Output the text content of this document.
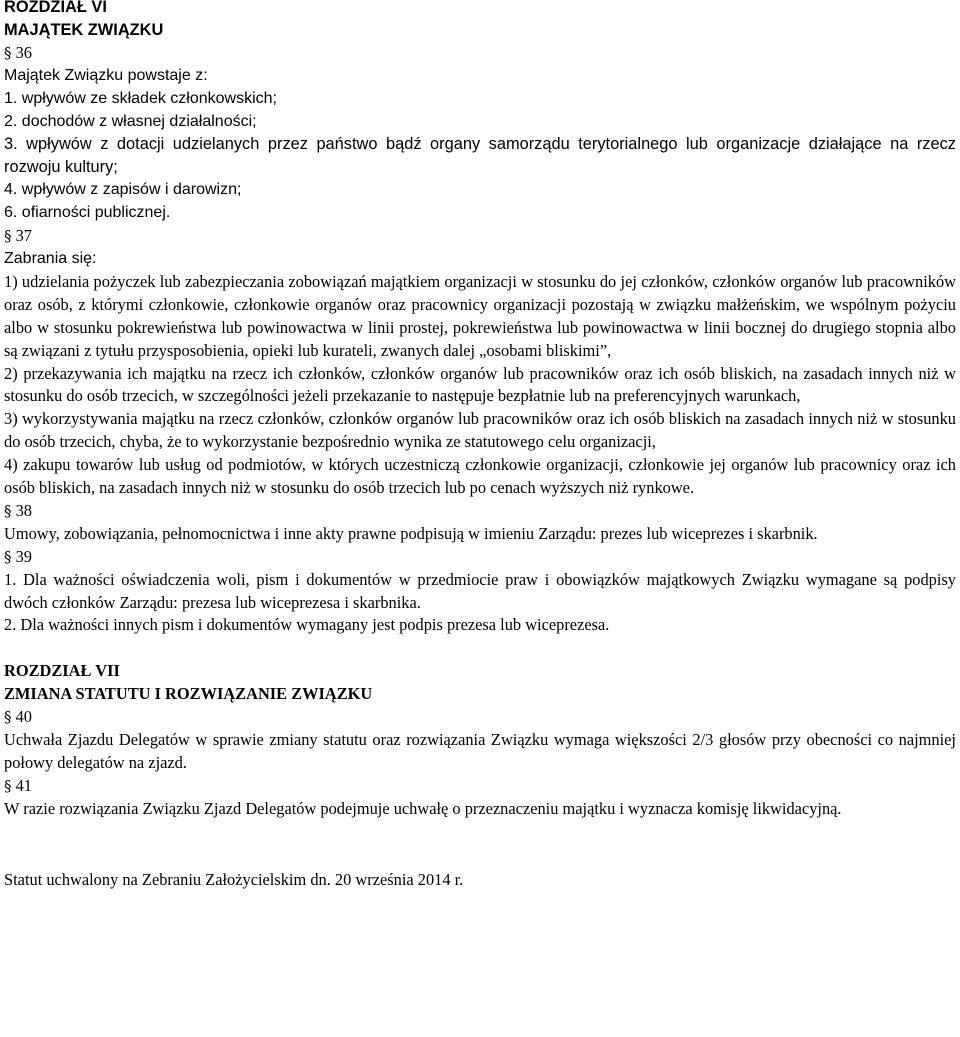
ROZDZIAŁ VI
MAJĄTEK ZWIĄZKU
§ 36
Majątek Związku powstaje z:
1. wpływów ze składek członkowskich;
2. dochodów z własnej działalności;
3. wpływów z dotacji udzielanych przez państwo bądź organy samorządu terytorialnego lub organizacje działające na rzecz rozwoju kultury;
4. wpływów z zapisów i darowizn;
6. ofiarności publicznej.
§ 37
Zabrania się:
1) udzielania pożyczek lub zabezpieczania zobowiązań majątkiem organizacji w stosunku do jej członków, członków organów lub pracowników oraz osób, z którymi członkowie, członkowie organów oraz pracownicy organizacji pozostają w związku małżeńskim, we wspólnym pożyciu albo w stosunku pokrewieństwa lub powinowactwa w linii prostej, pokrewieństwa lub powinowactwa w linii bocznej do drugiego stopnia albo są związani z tytułu przysposobienia, opieki lub kurateli, zwanych dalej „osobami bliskimi”,
2) przekazywania ich majątku na rzecz ich członków, członków organów lub pracowników oraz ich osób bliskich, na zasadach innych niż w stosunku do osób trzecich, w szczególności jeżeli przekazanie to następuje bezpłatnie lub na preferencyjnych warunkach,
3) wykorzystywania majątku na rzecz członków, członków organów lub pracowników oraz ich osób bliskich na zasadach innych niż w stosunku do osób trzecich, chyba, że to wykorzystanie bezpośrednio wynika ze statutowego celu organizacji,
4) zakupu towarów lub usług od podmiotów, w których uczestniczą członkowie organizacji, członkowie jej organów lub pracownicy oraz ich osób bliskich, na zasadach innych niż w stosunku do osób trzecich lub po cenach wyższych niż rynkowe.
§ 38
Umowy, zobowiązania, pełnomocnictwa i inne akty prawne podpisują w imieniu Zarządu: prezes lub wiceprezes i skarbnik.
§ 39
1. Dla ważności oświadczenia woli, pism i dokumentów w przedmiocie praw i obowiązków majątkowych Związku wymagane są podpisy dwóch członków Zarządu: prezesa lub wiceprezesa i skarbnika.
2. Dla ważności innych pism i dokumentów wymagany jest podpis prezesa lub wiceprezesa.
ROZDZIAŁ VII
ZMIANA STATUTU I ROZWIĄZANIE ZWIĄZKU
§ 40
Uchwała Zjazdu Delegatów w sprawie zmiany statutu oraz rozwiązania Związku wymaga większości 2/3 głosów przy obecności co najmniej połowy delegatów na zjazd.
§ 41
W razie rozwiązania Związku Zjazd Delegatów podejmuje uchwałę o przeznaczeniu majątku i wyznacza komisję likwidacyjną.
Statut uchwalony na Zebraniu Założycielskim dn. 20 września 2014 r.
